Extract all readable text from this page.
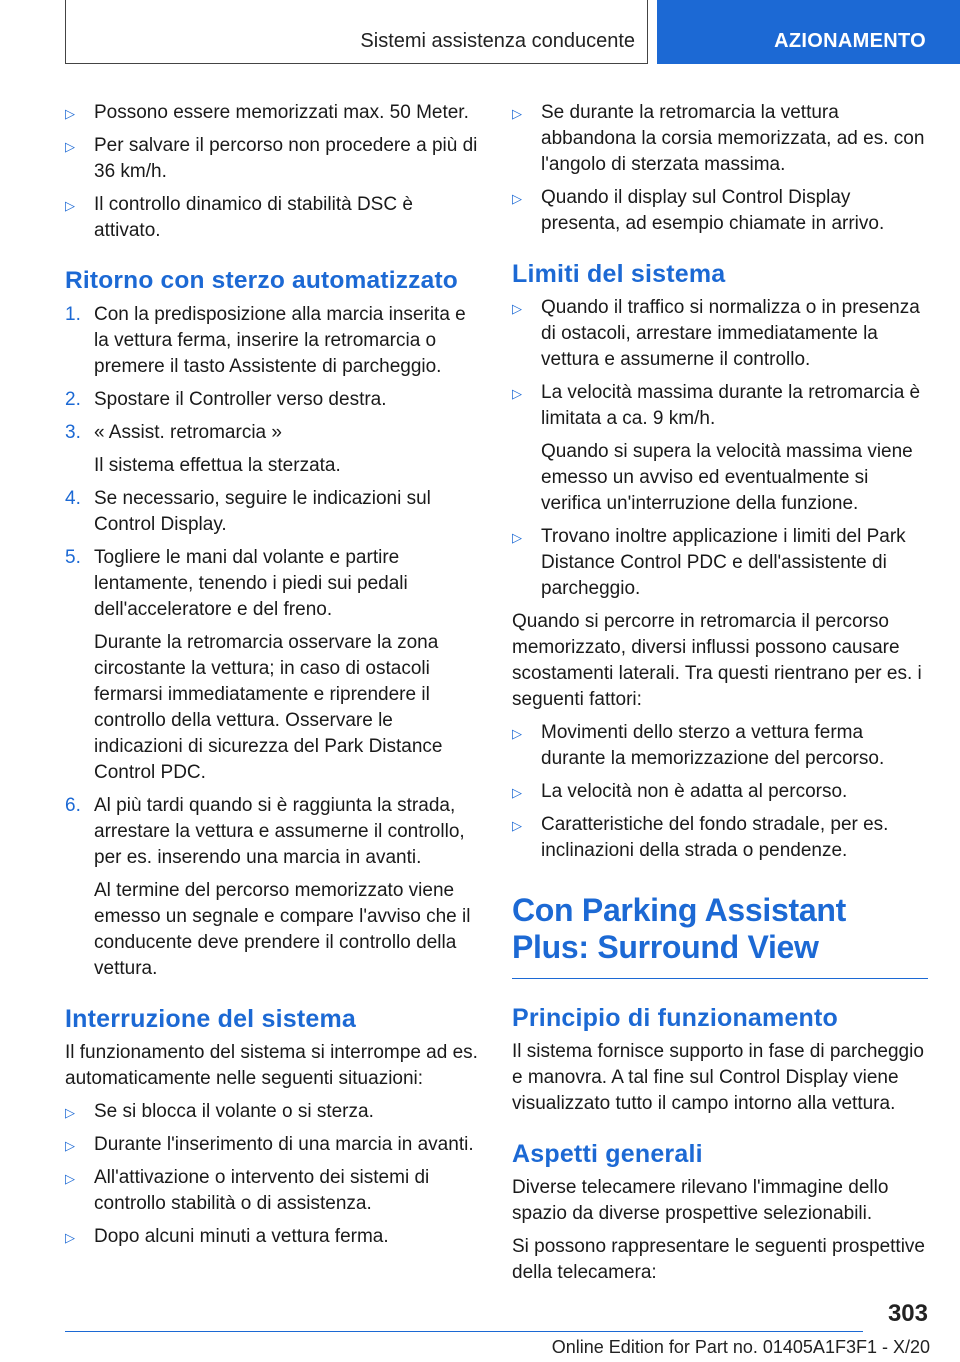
Sistemi assistenza conducente	AZIONAMENTO
▷ Possono essere memorizzati max. 50 Meter.
▷ Per salvare il percorso non procedere a più di 36 km/h.
▷ Il controllo dinamico di stabilità DSC è attivato.
Ritorno con sterzo automatizzato
1. Con la predisposizione alla marcia inserita e la vettura ferma, inserire la retromarcia o premere il tasto Assistente di parcheggio.
2. Spostare il Controller verso destra.
3. « Assist. retromarcia »
Il sistema effettua la sterzata.
4. Se necessario, seguire le indicazioni sul Control Display.
5. Togliere le mani dal volante e partire lentamente, tenendo i piedi sui pedali dell'acceleratore e del freno.
Durante la retromarcia osservare la zona circostante la vettura; in caso di ostacoli fermarsi immediatamente e riprendere il controllo della vettura. Osservare le indicazioni di sicurezza del Park Distance Control PDC.
6. Al più tardi quando si è raggiunta la strada, arrestare la vettura e assumerne il controllo, per es. inserendo una marcia in avanti.
Al termine del percorso memorizzato viene emesso un segnale e compare l'avviso che il conducente deve prendere il controllo della vettura.
Interruzione del sistema
Il funzionamento del sistema si interrompe ad es. automaticamente nelle seguenti situazioni:
▷ Se si blocca il volante o si sterza.
▷ Durante l'inserimento di una marcia in avanti.
▷ All'attivazione o intervento dei sistemi di controllo stabilità o di assistenza.
▷ Dopo alcuni minuti a vettura ferma.
▷ Se durante la retromarcia la vettura abbandona la corsia memorizzata, ad es. con l'angolo di sterzata massima.
▷ Quando il display sul Control Display presenta, ad esempio chiamate in arrivo.
Limiti del sistema
▷ Quando il traffico si normalizza o in presenza di ostacoli, arrestare immediatamente la vettura e assumerne il controllo.
▷ La velocità massima durante la retromarcia è limitata a ca. 9 km/h.
Quando si supera la velocità massima viene emesso un avviso ed eventualmente si verifica un'interruzione della funzione.
▷ Trovano inoltre applicazione i limiti del Park Distance Control PDC e dell'assistente di parcheggio.
Quando si percorre in retromarcia il percorso memorizzato, diversi influssi possono causare scostamenti laterali. Tra questi rientrano per es. i seguenti fattori:
▷ Movimenti dello sterzo a vettura ferma durante la memorizzazione del percorso.
▷ La velocità non è adatta al percorso.
▷ Caratteristiche del fondo stradale, per es. inclinazioni della strada o pendenze.
Con Parking Assistant Plus: Surround View
Principio di funzionamento
Il sistema fornisce supporto in fase di parcheggio e manovra. A tal fine sul Control Display viene visualizzato tutto il campo intorno alla vettura.
Aspetti generali
Diverse telecamere rilevano l'immagine dello spazio da diverse prospettive selezionabili.
Si possono rappresentare le seguenti prospettive della telecamera:
303
Online Edition for Part no. 01405A1F3F1 - X/20
